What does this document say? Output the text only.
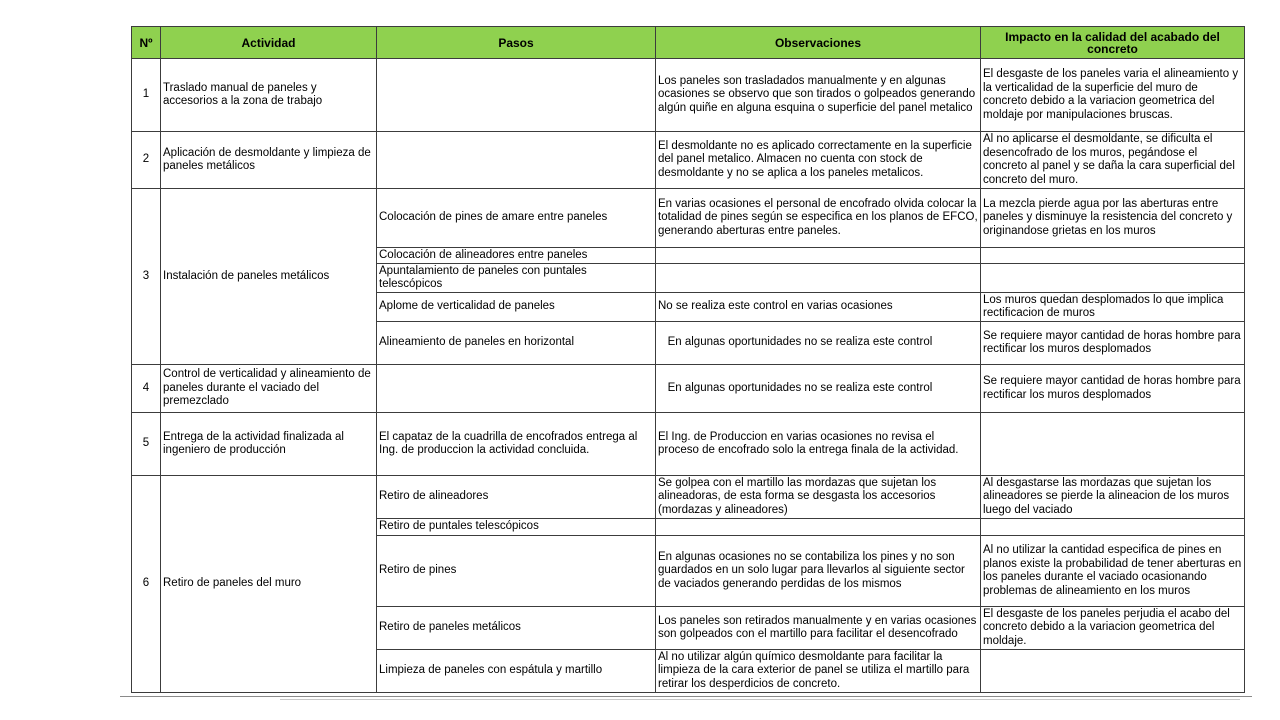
Nº	Actividad	Pasos	Observaciones	Impacto en la calidad del acabado del concreto
1	Traslado manual de paneles y accesorios a la zona de trabajo		Los paneles son trasladados manualmente y en algunas ocasiones se observo que son tirados o golpeados generando algún quiñe en alguna esquina o superficie del panel metalico	El desgaste de los paneles varia el alineamiento y la verticalidad de la superficie del muro de concreto debido a la variacion geometrica del moldaje por manipulaciones bruscas.
2	Aplicación de desmoldante y limpieza de paneles metálicos		El desmoldante no es aplicado correctamente en la superficie del panel metalico. Almacen no cuenta con stock de desmoldante y no se aplica a los paneles metalicos.	Al no aplicarse el desmoldante, se dificulta el desencofrado de los muros, pegándose el concreto al panel y se daña la cara superficial del concreto del muro.
3	Instalación de paneles metálicos	Colocación de pines de amare entre paneles	En varias ocasiones el personal de encofrado olvida colocar la totalidad de pines según se especifica en los planos de EFCO, generando aberturas entre paneles.	La mezcla pierde agua por las aberturas entre paneles y disminuye la resistencia del concreto y originandose grietas en los muros
		Colocación de alineadores entre paneles		
		Apuntalamiento de paneles con puntales telescópicos		
		Aplome de verticalidad de paneles	No se realiza este control en varias ocasiones	Los muros quedan desplomados lo que implica rectificacion de muros
		Alineamiento de paneles en horizontal	En algunas oportunidades no se realiza este control	Se requiere mayor cantidad de horas hombre para rectificar los muros desplomados
4	Control de verticalidad y alineamiento de paneles durante el vaciado del premezclado		En algunas oportunidades no se realiza este control	Se requiere mayor cantidad de horas hombre para rectificar los muros desplomados
5	Entrega de la actividad finalizada al ingeniero de producción	El capataz de la cuadrilla de encofrados entrega al Ing. de produccion la actividad concluida.	El Ing. de Produccion en varias ocasiones no revisa el proceso de encofrado solo la entrega finala de la actividad.	
6	Retiro de paneles del muro	Retiro de alineadores	Se golpea con el martillo las mordazas que sujetan los alineadoras, de esta forma se desgasta los accesorios (mordazas y alineadores)	Al desgastarse las mordazas que sujetan los alineadores se pierde la alineacion de los muros luego del vaciado
		Retiro de puntales telescópicos		
		Retiro de pines	En algunas ocasiones no se contabiliza los pines y no son guardados en un solo lugar para llevarlos al siguiente sector de vaciados generando perdidas de los mismos	Al no utilizar la cantidad especifica de pines en planos existe la probabilidad de tener aberturas en los paneles durante el vaciado ocasionando problemas de alineamiento en los muros
		Retiro de paneles metálicos	Los paneles son retirados manualmente y en varias ocasiones son golpeados con el martillo para facilitar el desencofrado	El desgaste de los paneles perjudia el acabo del concreto debido a la variacion geometrica del moldaje.
		Limpieza de paneles con espátula y martillo	Al no utilizar algún químico desmoldante para facilitar la limpieza de la cara exterior de panel se utiliza el martillo para retirar los desperdicios de concreto.	
